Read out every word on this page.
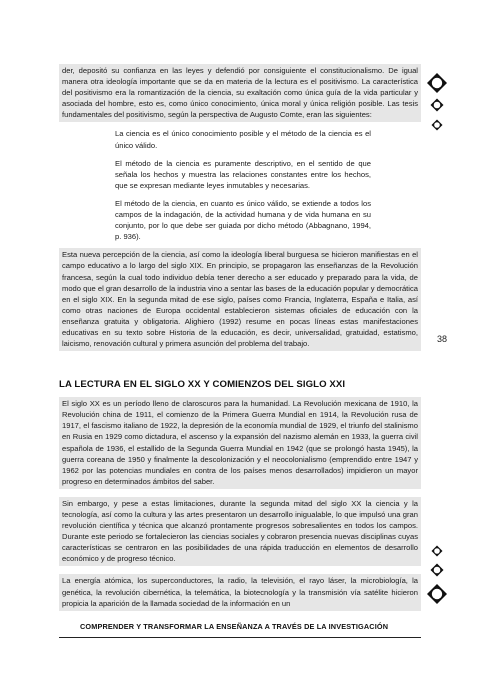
der, depositó su confianza en las leyes y defendió por consiguiente el constitucionalismo. De igual manera otra ideología importante que se da en materia de la lectura es el positivismo. La característica del positivismo era la romantización de la ciencia, su exaltación como única guía de la vida particular y asociada del hombre, esto es, como único conocimiento, única moral y única religión posible. Las tesis fundamentales del positivismo, según la perspectiva de Augusto Comte, eran las siguientes:

La ciencia es el único conocimiento posible y el método de la ciencia es el único válido.

El método de la ciencia es puramente descriptivo, en el sentido de que señala los hechos y muestra las relaciones constantes entre los hechos, que se expresan mediante leyes inmutables y necesarias.

El método de la ciencia, en cuanto es único válido, se extiende a todos los campos de la indagación, de la actividad humana y de vida humana en su conjunto, por lo que debe ser guiada por dicho método (Abbagnano, 1994, p. 936).

Esta nueva percepción de la ciencia, así como la ideología liberal burguesa se hicieron manifiestas en el campo educativo a lo largo del siglo XIX. En principio, se propagaron las enseñanzas de la Revolución francesa, según la cual todo individuo debía tener derecho a ser educado y preparado para la vida, de modo que el gran desarrollo de la industria vino a sentar las bases de la educación popular y democrática en el siglo XIX. En la segunda mitad de ese siglo, países como Francia, Inglaterra, España e Italia, así como otras naciones de Europa occidental establecieron sistemas oficiales de educación con la enseñanza gratuita y obligatoria. Alighiero (1992) resume en pocas líneas estas manifestaciones educativas en su texto sobre Historia de la educación, es decir, universalidad, gratuidad, estatismo, laicismo, renovación cultural y primera asunción del problema del trabajo.

LA LECTURA EN EL SIGLO XX Y COMIENZOS DEL SIGLO XXI

El siglo XX es un período lleno de claroscuros para la humanidad. La Revolución mexicana de 1910, la Revolución china de 1911, el comienzo de la Primera Guerra Mundial en 1914, la Revolución rusa de 1917, el fascismo italiano de 1922, la depresión de la economía mundial de 1929, el triunfo del stalinismo en Rusia en 1929 como dictadura, el ascenso y la expansión del nazismo alemán en 1933, la guerra civil española de 1936, el estallido de la Segunda Guerra Mundial en 1942 (que se prolongó hasta 1945), la guerra coreana de 1950 y finalmente la descolonización y el neocolonialismo (emprendido entre 1947 y 1962 por las potencias mundiales en contra de los países menos desarrollados) impidieron un mayor progreso en determinados ámbitos del saber.

Sin embargo, y pese a estas limitaciones, durante la segunda mitad del siglo XX la ciencia y la tecnología, así como la cultura y las artes presentaron un desarrollo inigualable, lo que impulsó una gran revolución científica y técnica que alcanzó prontamente progresos sobresalientes en todos los campos. Durante este periodo se fortalecieron las ciencias sociales y cobraron presencia nuevas disciplinas cuyas características se centraron en las posibilidades de una rápida traducción en elementos de desarrollo económico y de progreso técnico.

La energía atómica, los superconductores, la radio, la televisión, el rayo láser, la microbiología, la genética, la revolución cibernética, la telemática, la biotecnología y la transmisión vía satélite hicieron propicia la aparición de la llamada sociedad de la información en un

38
COMPRENDER Y TRANSFORMAR LA ENSEÑANZA A TRAVÉS DE LA INVESTIGACIÓN
